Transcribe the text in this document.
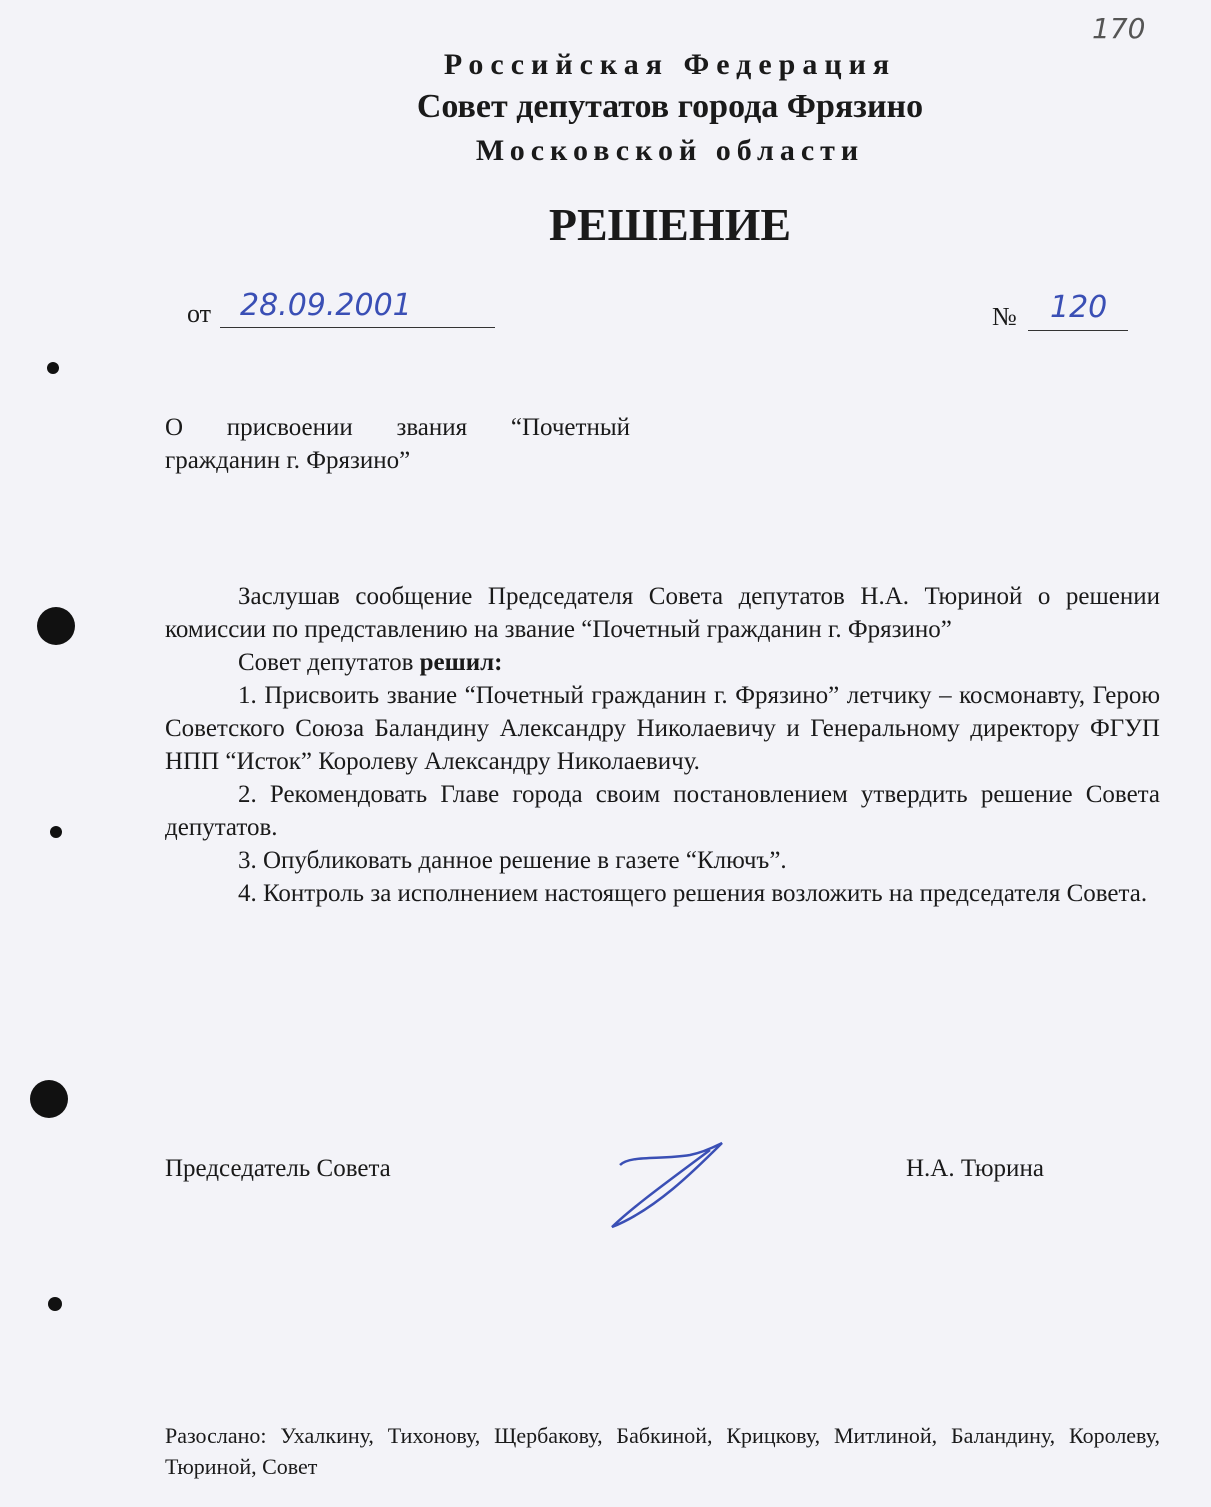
170
Российская Федерация
Совет депутатов города Фрязино
Московской области
РЕШЕНИЕ
от 28.09.2001	№ 120
О присвоении звания “Почетный
гражданин г. Фрязино”

Заслушав сообщение Председателя Совета депутатов Н.А. Тюриной о решении комиссии по представлению на звание “Почетный гражданин г. Фрязино”

Совет депутатов решил:

1. Присвоить звание “Почетный гражданин г. Фрязино” летчику – космонавту, Герою Советского Союза Баландину Александру Николаевичу и Генеральному директору ФГУП НПП “Исток” Королеву Александру Николаевичу.

2. Рекомендовать Главе города своим постановлением утвердить решение Совета депутатов.

3. Опубликовать данное решение в газете “Ключъ”.

4. Контроль за исполнением настоящего решения возложить на председателя Совета.

Председатель Совета	Н.А. Тюрина
Разослано: Ухалкину, Тихонову, Щербакову, Бабкиной, Крицкову, Митлиной, Баландину, Королеву, Тюриной, Совет
